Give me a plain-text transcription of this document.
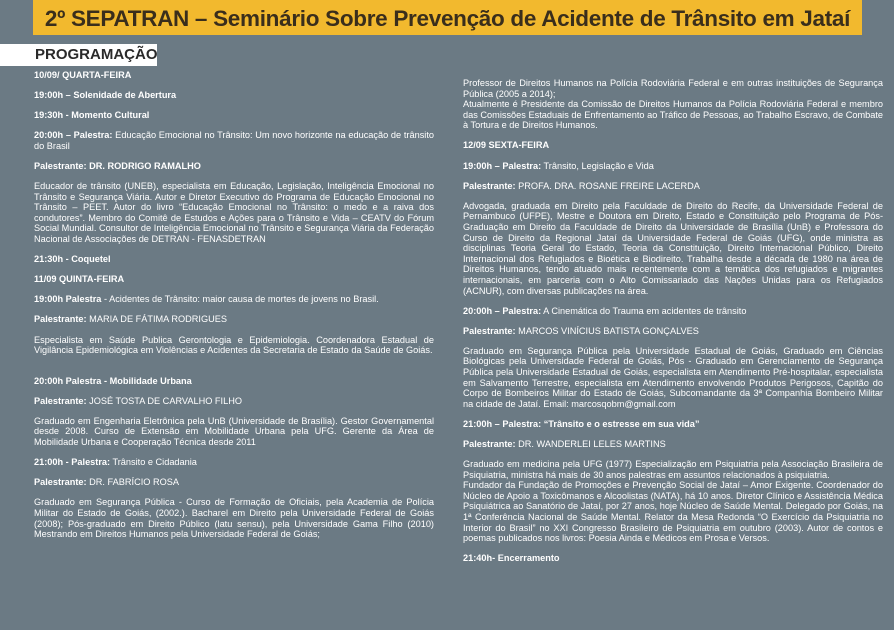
2º SEPATRAN – Seminário Sobre Prevenção de Acidente de Trânsito em Jataí
PROGRAMAÇÃO

10/09/ QUARTA-FEIRA

19:00h – Solenidade de Abertura

19:30h - Momento Cultural

20:00h – Palestra: Educação Emocional no Trânsito: Um novo horizonte na educação de trânsito do Brasil

Palestrante: DR. RODRIGO RAMALHO

Educador de trânsito (UNEB), especialista em Educação, Legislação, Inteligência Emocional no Trânsito e Segurança Viária. Autor e Diretor Executivo do Programa de Educação Emocional no Trânsito – PEET. Autor do livro “Educação Emocional no Trânsito: o medo e a raiva dos condutores”. Membro do Comitê de Estudos e Ações para o Trânsito e Vida – CEATV do Fórum Social Mundial. Consultor de Inteligência Emocional no Trânsito e Segurança Viária da Federação Nacional de Associações de DETRAN - FENASDETRAN

21:30h - Coquetel

11/09 QUINTA-FEIRA

19:00h Palestra - Acidentes de Trânsito: maior causa de mortes de jovens no Brasil.

Palestrante: MARIA DE FÁTIMA RODRIGUES

Especialista em Saúde Publica Gerontologia e Epidemiologia. Coordenadora Estadual de Vigilância Epidemiológica em Violências e Acidentes da Secretaria de Estado da Saúde de Goiás.

20:00h Palestra - Mobilidade Urbana

Palestrante: JOSÉ TOSTA DE CARVALHO FILHO

Graduado em Engenharia Eletrônica pela UnB (Universidade de Brasília). Gestor Governamental desde 2008. Curso de Extensão em Mobilidade Urbana pela UFG. Gerente da Área de Mobilidade Urbana e Cooperação Técnica desde 2011

21:00h - Palestra: Trânsito e Cidadania

Palestrante: DR. FABRÍCIO ROSA

Graduado em Segurança Pública - Curso de Formação de Oficiais, pela Academia de Polícia Militar do Estado de Goiás, (2002.). Bacharel em Direito pela Universidade Federal de Goiás (2008); Pós-graduado em Direito Público (latu sensu), pela Universidade Gama Filho (2010) Mestrando em Direitos Humanos pela Universidade Federal de Goiás;

Professor de Direitos Humanos na Polícia Rodoviária Federal e em outras instituições de Segurança Pública (2005 a 2014);

Atualmente é Presidente da Comissão de Direitos Humanos da Polícia Rodoviária Federal e membro das Comissões Estaduais de Enfrentamento ao Tráfico de Pessoas, ao Trabalho Escravo, de Combate à Tortura e de Direitos Humanos.

12/09 SEXTA-FEIRA

19:00h – Palestra: Trânsito, Legislação e Vida

Palestrante: PROFA. DRA. ROSANE FREIRE LACERDA

Advogada, graduada em Direito pela Faculdade de Direito do Recife, da Universidade Federal de Pernambuco (UFPE), Mestre e Doutora em Direito, Estado e Constituição pelo Programa de Pós-Graduação em Direito da Faculdade de Direito da Universidade de Brasília (UnB) e Professora do Curso de Direito da Regional Jataí da Universidade Federal de Goiás (UFG), onde ministra as disciplinas Teoria Geral do Estado, Teoria da Constituição, Direito Internacional Público, Direito Internacional dos Refugiados e Bioética e Biodireito. Trabalha desde a década de 1980 na área de Direitos Humanos, tendo atuado mais recentemente com a temática dos refugiados e migrantes internacionais, em parceria com o Alto Comissariado das Nações Unidas para os Refugiados (ACNUR), com diversas publicações na área.

20:00h – Palestra: A Cinemática do Trauma em acidentes de trânsito

Palestrante: MARCOS VINÍCIUS BATISTA GONÇALVES

Graduado em Segurança Pública pela Universidade Estadual de Goiás, Graduado em Ciências Biológicas pela Universidade Federal de Goiás, Pós - Graduado em Gerenciamento de Segurança Pública pela Universidade Estadual de Goiás, especialista em Atendimento Pré-hospitalar, especialista em Salvamento Terrestre, especialista em Atendimento envolvendo Produtos Perigosos, Capitão do Corpo de Bombeiros Militar do Estado de Goiás, Subcomandante da 3ª Companhia Bombeiro Militar na cidade de Jataí. Email: marcosqobm@gmail.com

21:00h – Palestra: “Trânsito e o estresse em sua vida”

Palestrante: DR. WANDERLEI LELES MARTINS

Graduado em medicina pela UFG (1977) Especialização em Psiquiatria pela Associação Brasileira de Psiquiatria, ministra há mais de 30 anos palestras em assuntos relacionados à psiquiatria.

Fundador da Fundação de Promoções e Prevenção Social de Jataí – Amor Exigente. Coordenador do Núcleo de Apoio a Toxicômanos e Alcoolistas (NATA), há 10 anos. Diretor Clínico e Assistência Médica Psiquiátrica ao Sanatório de Jataí, por 27 anos, hoje Núcleo de Saúde Mental. Delegado por Goiás, na 1ª Conferência Nacional de Saúde Mental. Relator da Mesa Redonda “O Exercício da Psiquiatria no Interior do Brasil” no XXI Congresso Brasileiro de Psiquiatria em outubro (2003). Autor de contos e poemas publicados nos livros: Poesia Ainda e Médicos em Prosa e Versos.

21:40h- Encerramento
